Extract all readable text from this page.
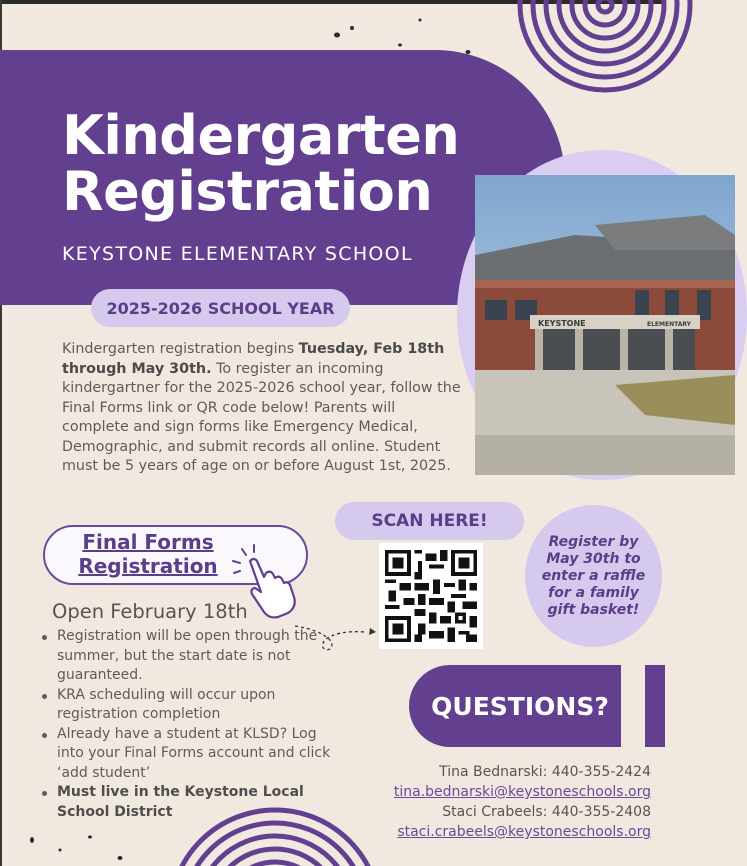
Kindergarten
Registration
KEYSTONE ELEMENTARY SCHOOL
2025-2026 SCHOOL YEAR
KEYSTONE	ELEMENTARY
Kindergarten registration begins Tuesday, Feb 18th through May 30th. To register an incoming kindergartner for the 2025-2026 school year, follow the Final Forms link or QR code below! Parents will complete and sign forms like Emergency Medical, Demographic, and submit records all online. Student must be 5 years of age on or before August 1st, 2025.
SCAN HERE!
Register by May 30th to enter a raffle for a family gift basket!
Final Forms
Registration
Open February 18th
Registration will be open through the summer, but the start date is not guaranteed.
KRA scheduling will occur upon registration completion
Already have a student at KLSD? Log into your Final Forms account and click ‘add student’
Must live in the Keystone Local School District
QUESTIONS?
Tina Bednarski: 440-355-2424
tina.bednarski@keystoneschools.org
Staci Crabeels: 440-355-2408
staci.crabeels@keystoneschools.org
